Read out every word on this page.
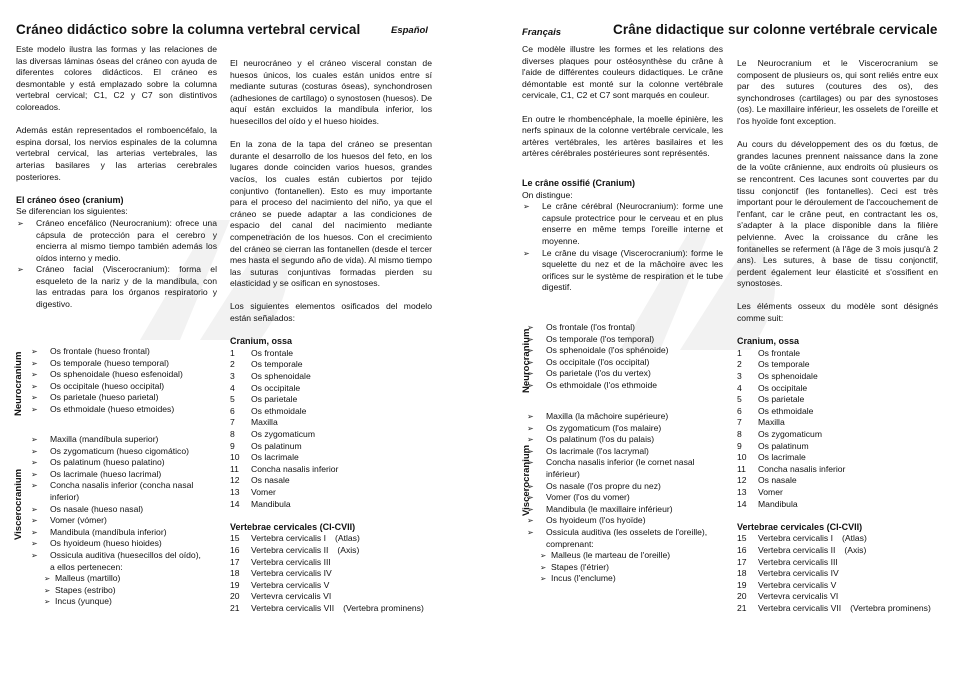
Cráneo didáctico sobre la columna vertebral cervical	Español

Este modelo ilustra las formas y las relaciones de las diversas láminas óseas del cráneo con ayuda de diferentes colores didácticos. El cráneo es desmontable y está emplazado sobre la columna vertebral cervical; C1, C2 y C7 son distintivos coloreados.

Además están representados el romboencéfalo, la espina dorsal, los nervios espinales de la columna vertebral cervical, las arterias vertebrales, las arterias basilares y las arterias cerebrales posteriores.

El cráneo óseo (cranium)
Se diferencian los siguientes:
➢ Cráneo encefálico (Neurocranium): ofrece una cápsula de protección para el cerebro y encierra al mismo tiempo también además los oídos interno y medio.
➢ Cráneo facial (Viscerocranium): forma el esqueleto de la nariz y de la mandíbula, con las entradas para los órganos respiratorio y digestivo.
Neurocranium
➢ Os frontale (hueso frontal)
➢ Os temporale (hueso temporal)
➢ Os sphenoidale (hueso esfenoidal)
➢ Os occipitale (hueso occipital)
➢ Os parietale (hueso parietal)
➢ Os ethmoidale (hueso etmoides)
Viscerocranium
➢ Maxilla (mandíbula superior)
➢ Os zygomaticum (hueso cigomático)
➢ Os palatinum (hueso palatino)
➢ Os lacrimale (hueso lacrimal)
➢ Concha nasalis inferior (concha nasal inferior)
➢ Os nasale (hueso nasal)
➢ Vomer (vómer)
➢ Mandibula (mandíbula inferior)
➢ Os hyoideum (hueso hioides)
➢ Ossicula auditiva (huesecillos del oído), a ellos pertenecen:
➢ Malleus (martillo)
➢ Stapes (estribo)
➢ Incus (yunque)

El neurocráneo y el cráneo visceral constan de huesos únicos, los cuales están unidos entre sí mediante suturas (costuras óseas), synchondrosen (adhesiones de cartílago) o synostosen (huesos). De aquí están excluidos la mandíbula inferior, los huesecillos del oído y el hueso hioides.

En la zona de la tapa del cráneo se presentan durante el desarrollo de los huesos del feto, en los lugares donde coinciden varios huesos, grandes vacíos, los cuales están cubiertos por tejido conjuntivo (fontanellen). Esto es muy importante para el proceso del nacimiento del niño, ya que el cráneo se puede adaptar a las condiciones de espacio del canal del nacimiento mediante compenetración de los huesos. Con el crecimiento del cráneo se cierran las fontanellen (desde el tercer mes hasta el segundo año de vida). Al mismo tiempo las suturas conjuntivas formadas pierden su elasticidad y se osifican en synostoses.

Los siguientes elementos osificados del modelo están señalados:

Cranium, ossa
1	Os frontale
2	Os temporale
3	Os sphenoidale
4	Os occipitale
5	Os parietale
6	Os ethmoidale
7	Maxilla
8	Os zygomaticum
9	Os palatinum
10	Os lacrimale
11	Concha nasalis inferior
12	Os nasale
13	Vomer
14	Mandibula
Vertebrae cervicales (CI-CVII)
15	Vertebra cervicalis I (Atlas)
16	Vertebra cervicalis II (Axis)
17	Vertebra cervicalis III
18	Vertebra cervicalis IV
19	Vertebra cervicalis V
20	Vertevra cervicalis VI
21	Vertebra cervicalis VII (Vertebra prominens)
Français	Crâne didactique sur colonne vertébrale cervicale

Ce modèle illustre les formes et les relations des diverses plaques pour ostéosynthèse du crâne à l'aide de différentes couleurs didactiques. Le crâne démontable est monté sur la colonne vertébrale cervicale, C1, C2 et C7 sont marqués en couleur.

En outre le rhombencéphale, la moelle épinière, les nerfs spinaux de la colonne vertébrale cervicale, les artères vertébrales, les artères basilaires et les artères cérébrales postérieures sont représentés.

Le crâne ossifié (Cranium)
On distingue:
➢ Le crâne cérébral (Neurocranium): forme une capsule protectrice pour le cerveau et en plus enserre en même temps l'oreille interne et moyenne.
➢ Le crâne du visage (Viscerocranium): forme le squelette du nez et de la mâchoire avec les orifices sur le système de respiration et le tube digestif.
Neurocranium
➢ Os frontale (l'os frontal)
➢ Os temporale (l'os temporal)
➢ Os sphenoidale (l'os sphénoide)
➢ Os occipitale (l'os occipital)
➢ Os parietale (l'os du vertex)
➢ Os ethmoidale (l'os ethmoide
Viscerocranium
➢ Maxilla (la mâchoire supérieure)
➢ Os zygomaticum (l'os malaire)
➢ Os palatinum (l'os du palais)
➢ Os lacrimale (l'os lacrymal)
➢ Concha nasalis inferior (le cornet nasal inférieur)
➢ Os nasale (l'os propre du nez)
➢ Vomer (l'os du vomer)
➢ Mandibula (le maxillaire inférieur)
➢ Os hyoideum (l'os hyoïde)
➢ Ossicula auditiva (les osselets de l'oreille), comprenant:
➢ Malleus (le marteau de l'oreille)
➢ Stapes (l'étrier)
➢ Incus (l'enclume)

Le Neurocranium et le Viscerocranium se composent de plusieurs os, qui sont reliés entre eux par des sutures (coutures des os), des synchondroses (cartilages) ou par des synostoses (os). Le maxillaire inférieur, les osselets de l'oreille et l'os hyoïde font exception.

Au cours du développement des os du fœtus, de grandes lacunes prennent naissance dans la zone de la voûte crânienne, aux endroits où plusieurs os se rencontrent. Ces lacunes sont couvertes par du tissu conjonctif (les fontanelles). Ceci est très important pour le déroulement de l'accouchement de l'enfant, car le crâne peut, en contractant les os, s'adapter à la place disponible dans la filière pelvienne. Avec la croissance du crâne les fontanelles se referment (à l'âge de 3 mois jusqu'à 2 ans). Les sutures, à base de tissu conjonctif, perdent également leur élasticité et s'ossifient en synostoses.

Les éléments osseux du modèle sont désignés comme suit:

Cranium, ossa
1	Os frontale
2	Os temporale
3	Os sphenoidale
4	Os occipitale
5	Os parietale
6	Os ethmoidale
7	Maxilla
8	Os zygomaticum
9	Os palatinum
10	Os lacrimale
11	Concha nasalis inferior
12	Os nasale
13	Vomer
14	Mandibula
Vertebrae cervicales (CI-CVII)
15	Vertebra cervicalis I (Atlas)
16	Vertebra cervicalis II (Axis)
17	Vertebra cervicalis III
18	Vertebra cervicalis IV
19	Vertebra cervicalis V
20	Vertevra cervicalis VI
21	Vertebra cervicalis VII (Vertebra prominens)
